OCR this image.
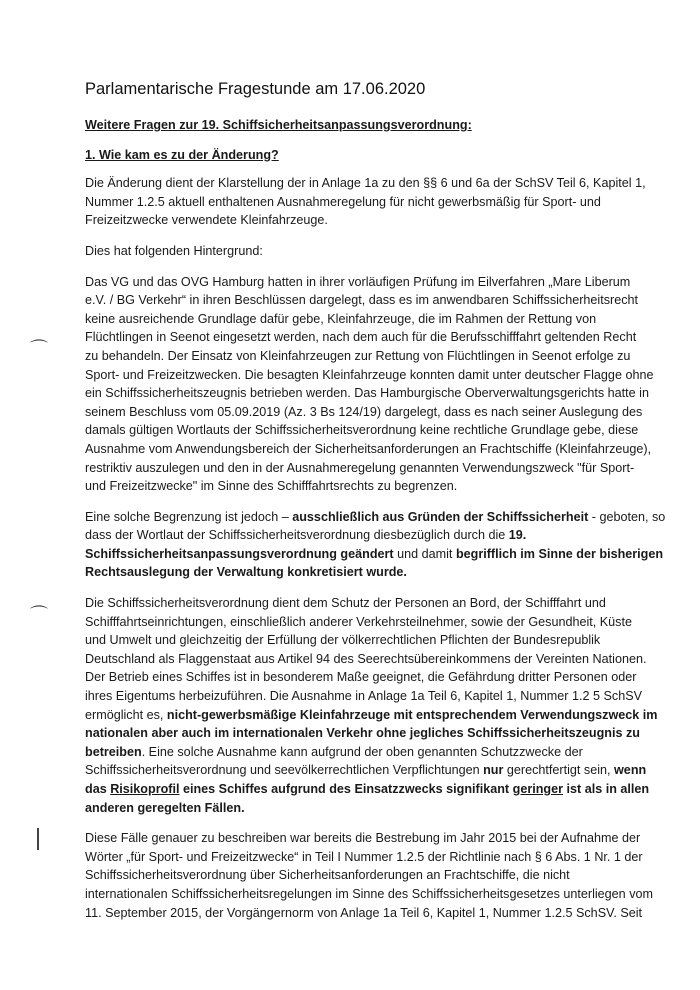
⌒
⌒
Parlamentarische Fragestunde am 17.06.2020

Weitere Fragen zur 19. Schiffsicherheitsanpassungsverordnung:

1. Wie kam es zu der Änderung?

Die Änderung dient der Klarstellung der in Anlage 1a zu den §§ 6 und 6a der SchSV Teil 6, Kapitel 1,
Nummer 1.2.5 aktuell enthaltenen Ausnahmeregelung für nicht gewerbsmäßig für Sport- und
Freizeitzwecke verwendete Kleinfahrzeuge.

Dies hat folgenden Hintergrund:

Das VG und das OVG Hamburg hatten in ihrer vorläufigen Prüfung im Eilverfahren „Mare Liberum
e.V. / BG Verkehr“ in ihren Beschlüssen dargelegt, dass es im anwendbaren Schiffssicherheitsrecht
keine ausreichende Grundlage dafür gebe, Kleinfahrzeuge, die im Rahmen der Rettung von
Flüchtlingen in Seenot eingesetzt werden, nach dem auch für die Berufsschifffahrt geltenden Recht
zu behandeln. Der Einsatz von Kleinfahrzeugen zur Rettung von Flüchtlingen in Seenot erfolge zu
Sport- und Freizeitzwecken. Die besagten Kleinfahrzeuge konnten damit unter deutscher Flagge ohne
ein Schiffssicherheitszeugnis betrieben werden. Das Hamburgische Oberverwaltungsgerichts hatte in
seinem Beschluss vom 05.09.2019 (Az. 3 Bs 124/19) dargelegt, dass es nach seiner Auslegung des
damals gültigen Wortlauts der Schiffssicherheitsverordnung keine rechtliche Grundlage gebe, diese
Ausnahme vom Anwendungsbereich der Sicherheitsanforderungen an Frachtschiffe (Kleinfahrzeuge),
restriktiv auszulegen und den in der Ausnahmeregelung genannten Verwendungszweck "für Sport-
und Freizeitzwecke" im Sinne des Schifffahrtsrechts zu begrenzen.

Eine solche Begrenzung ist jedoch – ausschließlich aus Gründen der Schiffssicherheit - geboten, so
dass der Wortlaut der Schiffssicherheitsverordnung diesbezüglich durch die 19.
Schiffssicherheitsanpassungsverordnung geändert und damit begrifflich im Sinne der bisherigen
Rechtsauslegung der Verwaltung konkretisiert wurde.

Die Schiffssicherheitsverordnung dient dem Schutz der Personen an Bord, der Schifffahrt und
Schifffahrtseinrichtungen, einschließlich anderer Verkehrsteilnehmer, sowie der Gesundheit, Küste
und Umwelt und gleichzeitig der Erfüllung der völkerrechtlichen Pflichten der Bundesrepublik
Deutschland als Flaggenstaat aus Artikel 94 des Seerechtsübereinkommens der Vereinten Nationen.
Der Betrieb eines Schiffes ist in besonderem Maße geeignet, die Gefährdung dritter Personen oder
ihres Eigentums herbeizuführen. Die Ausnahme in Anlage 1a Teil 6, Kapitel 1, Nummer 1.2 5 SchSV
ermöglicht es, nicht-gewerbsmäßige Kleinfahrzeuge mit entsprechendem Verwendungszweck im
nationalen aber auch im internationalen Verkehr ohne jegliches Schiffssicherheitszeugnis zu
betreiben. Eine solche Ausnahme kann aufgrund der oben genannten Schutzzwecke der
Schiffssicherheitsverordnung und seevölkerrechtlichen Verpflichtungen nur gerechtfertigt sein, wenn
das Risikoprofil eines Schiffes aufgrund des Einsatzzwecks signifikant geringer ist als in allen
anderen geregelten Fällen.

Diese Fälle genauer zu beschreiben war bereits die Bestrebung im Jahr 2015 bei der Aufnahme der
Wörter „für Sport- und Freizeitzwecke“ in Teil I Nummer 1.2.5 der Richtlinie nach § 6 Abs. 1 Nr. 1 der
Schiffssicherheitsverordnung über Sicherheitsanforderungen an Frachtschiffe, die nicht
internationalen Schiffssicherheitsregelungen im Sinne des Schiffssicherheitsgesetzes unterliegen vom
11. September 2015, der Vorgängernorm von Anlage 1a Teil 6, Kapitel 1, Nummer 1.2.5 SchSV. Seit
